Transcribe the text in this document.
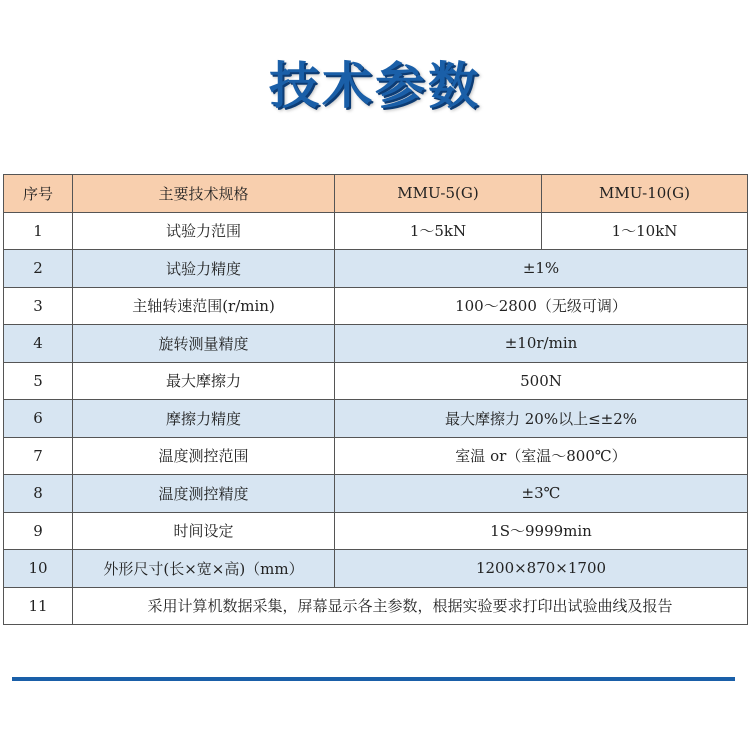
技术参数
序号	主要技术规格	MMU-5(G)	MMU-10(G)
1	试验力范围	1～5kN	1～10kN
2	试验力精度	±1%	
3	主轴转速范围(r/min)	100～2800（无级可调）	
4	旋转测量精度	±10r/min	
5	最大摩擦力	500N	
6	摩擦力精度	最大摩擦力 20%以上≤±2%	
7	温度测控范围	室温 or（室温～800℃）	
8	温度测控精度	±3℃	
9	时间设定	1S～9999min	
10	外形尺寸(长×宽×高)（mm）	1200×870×1700	
11	采用计算机数据采集，屏幕显示各主参数，根据实验要求打印出试验曲线及报告		
